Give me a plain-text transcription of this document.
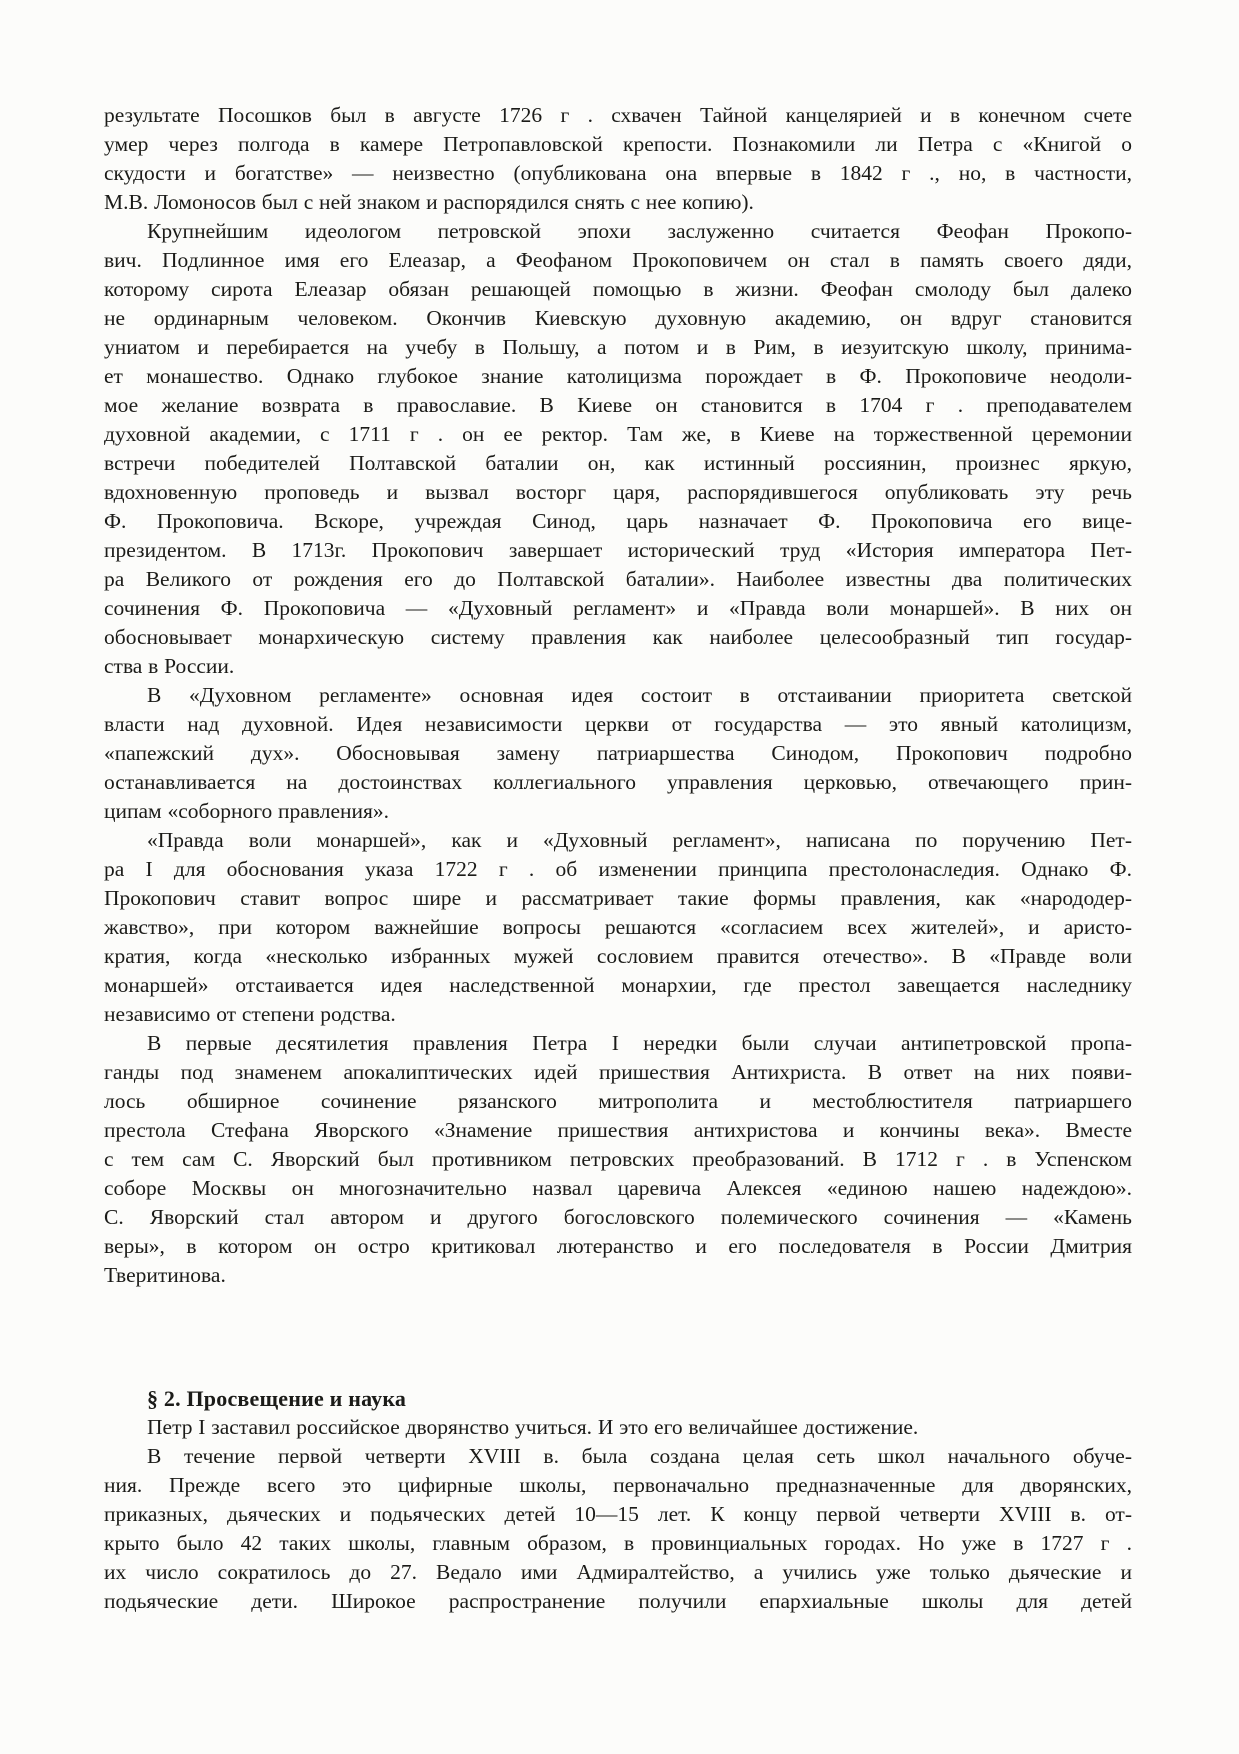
результате Посошков был в августе 1726 г . схвачен Тайной канцелярией и в конечном счете
умер через полгода в камере Петропавловской крепости. Познакомили ли Петра с «Книгой о
скудости и богатстве» — неизвестно (опубликована она впервые в 1842 г ., но, в частности,
М.В. Ломоносов был с ней знаком и распорядился снять с нее копию).
Крупнейшим идеологом петровской эпохи заслуженно считается Феофан Прокопо-
вич. Подлинное имя его Елеазар, а Феофаном Прокоповичем он стал в память своего дяди,
которому сирота Елеазар обязан решающей помощью в жизни. Феофан смолоду был далеко
не ординарным человеком. Окончив Киевскую духовную академию, он вдруг становится
униатом и перебирается на учебу в Польшу, а потом и в Рим, в иезуитскую школу, принима-
ет монашество. Однако глубокое знание католицизма порождает в Ф. Прокоповиче неодоли-
мое желание возврата в православие. В Киеве он становится в 1704 г . преподавателем
духовной академии, с 1711 г . он ее ректор. Там же, в Киеве на торжественной церемонии
встречи победителей Полтавской баталии он, как истинный россиянин, произнес яркую,
вдохновенную проповедь и вызвал восторг царя, распорядившегося опубликовать эту речь
Ф. Прокоповича. Вскоре, учреждая Синод, царь назначает Ф. Прокоповича его вице-
президентом. В 1713г. Прокопович завершает исторический труд «История императора Пет-
ра Великого от рождения его до Полтавской баталии». Наиболее известны два политических
сочинения Ф. Прокоповича — «Духовный регламент» и «Правда воли монаршей». В них он
обосновывает монархическую систему правления как наиболее целесообразный тип государ-
ства в России.
В «Духовном регламенте» основная идея состоит в отстаивании приоритета светской
власти над духовной. Идея независимости церкви от государства — это явный католицизм,
«папежский дух». Обосновывая замену патриаршества Синодом, Прокопович подробно
останавливается на достоинствах коллегиального управления церковью, отвечающего прин-
ципам «соборного правления».
«Правда воли монаршей», как и «Духовный регламент», написана по поручению Пет-
ра I для обоснования указа 1722 г . об изменении принципа престолонаследия. Однако Ф.
Прокопович ставит вопрос шире и рассматривает такие формы правления, как «народодер-
жавство», при котором важнейшие вопросы решаются «согласием всех жителей», и аристо-
кратия, когда «несколько избранных мужей сословием правится отечество». В «Правде воли
монаршей» отстаивается идея наследственной монархии, где престол завещается наследнику
независимо от степени родства.
В первые десятилетия правления Петра I нередки были случаи антипетровской пропа-
ганды под знаменем апокалиптических идей пришествия Антихриста. В ответ на них появи-
лось обширное сочинение рязанского митрополита и местоблюстителя патриаршего
престола Стефана Яворского «Знамение пришествия антихристова и кончины века». Вместе
с тем сам С. Яворский был противником петровских преобразований. В 1712 г . в Успенском
соборе Москвы он многозначительно назвал царевича Алексея «единою нашею надеждою».
С. Яворский стал автором и другого богословского полемического сочинения — «Камень
веры», в котором он остро критиковал лютеранство и его последователя в России Дмитрия
Тверитинова.
§ 2. Просвещение и наука
Петр I заставил российское дворянство учиться. И это его величайшее достижение.
В течение первой четверти XVIII в. была создана целая сеть школ начального обуче-
ния. Прежде всего это цифирные школы, первоначально предназначенные для дворянских,
приказных, дьяческих и подьяческих детей 10—15 лет. К концу первой четверти XVIII в. от-
крыто было 42 таких школы, главным образом, в провинциальных городах. Но уже в 1727 г .
их число сократилось до 27. Ведало ими Адмиралтейство, а учились уже только дьяческие и
подьяческие дети. Широкое распространение получили епархиальные школы для детей
